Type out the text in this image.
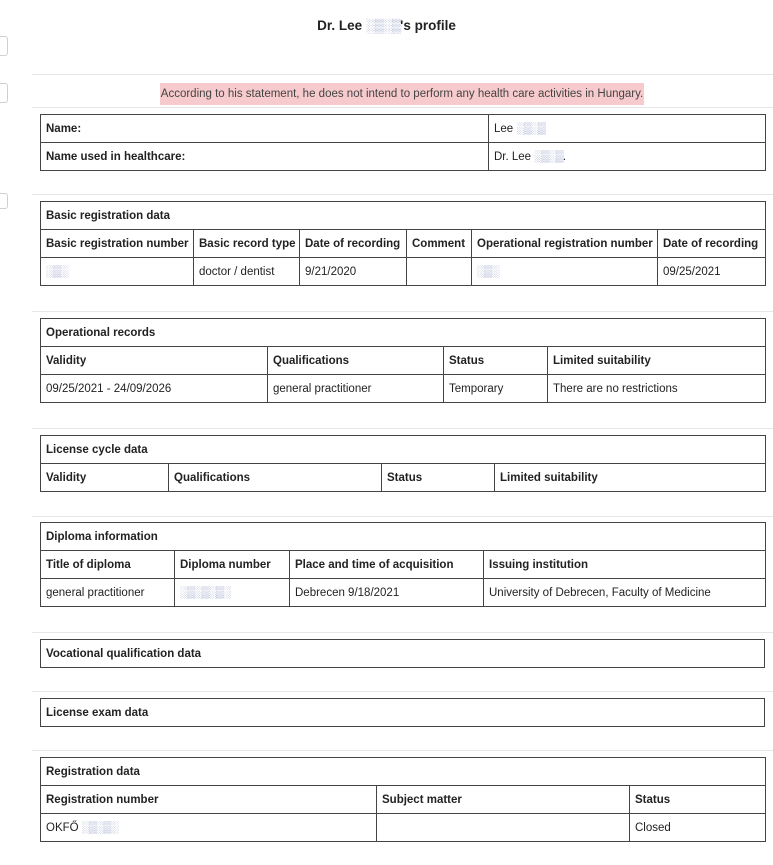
Dr. Lee ░▒░▒'s profile
According to his statement, he does not intend to perform any health care activities in Hungary.
Name:	Lee ░▒░▒
Name used in healthcare:	Dr. Lee ░▒░▒.
Basic registration data					
Basic registration number	Basic record type	Date of recording	Comment	Operational registration number	Date of recording
░▒░	doctor / dentist	9/21/2020		░▒░	09/25/2021
Operational records			
Validity	Qualifications	Status	Limited suitability
09/25/2021 - 24/09/2026	general practitioner	Temporary	There are no restrictions
License cycle data
Validity	Qualifications	Status	Limited suitability
Diploma information			
Title of diploma	Diploma number	Place and time of acquisition	Issuing institution
general practitioner	░▒░▒░▒░	Debrecen 9/18/2021	University of Debrecen, Faculty of Medicine
Vocational qualification data
License exam data
Registration data		
Registration number	Subject matter	Status
OKFŐ ░▒░▒░		Closed
